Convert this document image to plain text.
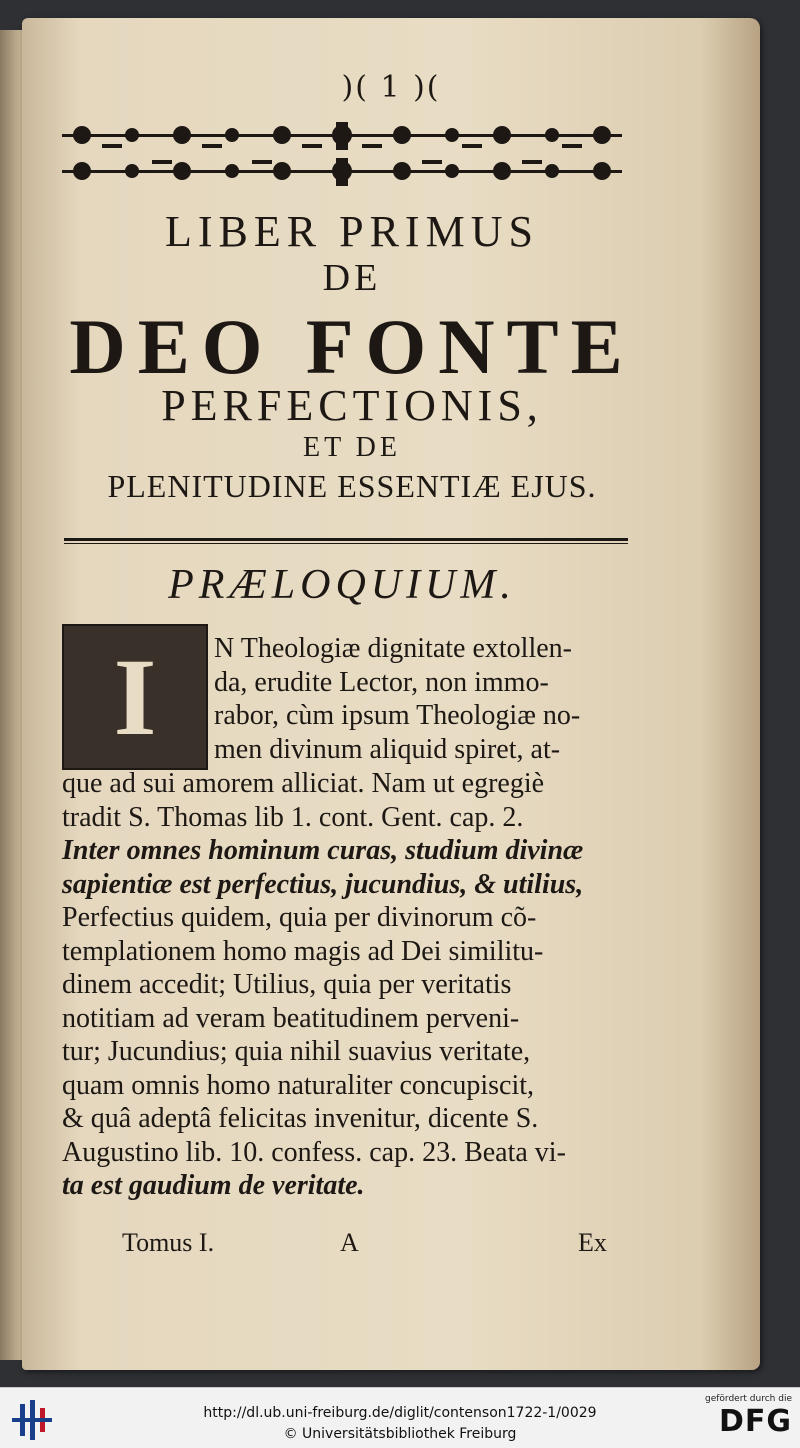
)( 1 )(
LIBER PRIMUS
DE
DEO FONTE
PERFECTIONIS,
ET DE
PLENITUDINE ESSENTIÆ EJUS.
PRÆLOQUIUM.
I	N Theologiæ dignitate extollen-
da, erudite Lector, non immo-
rabor, cùm ipsum Theologiæ no-
men divinum aliquid spiret, at-
que ad sui amorem alliciat. Nam ut egregiè
tradit S. Thomas lib 1. cont. Gent. cap. 2.
Inter omnes hominum curas, studium divinæ
sapientiæ est perfectius, jucundius, & utilius,
Perfectius quidem, quia per divinorum cõ-
templationem homo magis ad Dei similitu-
dinem accedit; Utilius, quia per veritatis
notitiam ad veram beatitudinem perveni-
tur; Jucundius; quia nihil suavius veritate,
quam omnis homo naturaliter concupiscit,
& quâ adeptâ felicitas invenitur, dicente S.
Augustino lib. 10. confess. cap. 23. Beata vi-
ta est gaudium de veritate.
Tomus I.	A	Ex
http://dl.ub.uni-freiburg.de/diglit/contenson1722-1/0029
© Universitätsbibliothek Freiburg
gefördert durch die
DFG
